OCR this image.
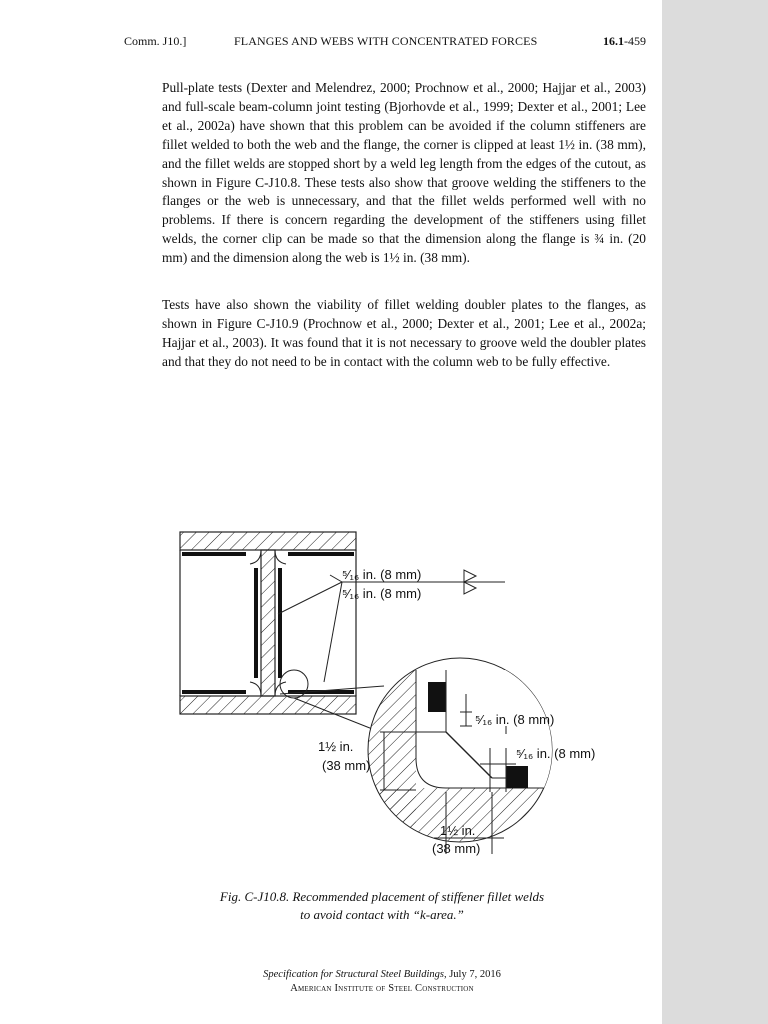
Comm. J10.]	FLANGES AND WEBS WITH CONCENTRATED FORCES	16.1-459

Pull-plate tests (Dexter and Melendrez, 2000; Prochnow et al., 2000; Hajjar et al., 2003) and full-scale beam-column joint testing (Bjorhovde et al., 1999; Dexter et al., 2001; Lee et al., 2002a) have shown that this problem can be avoided if the column stiffeners are fillet welded to both the web and the flange, the corner is clipped at least 1½ in. (38 mm), and the fillet welds are stopped short by a weld leg length from the edges of the cutout, as shown in Figure C-J10.8. These tests also show that groove welding the stiffeners to the flanges or the web is unnecessary, and that the fillet welds performed well with no problems. If there is concern regarding the development of the stiffeners using fillet welds, the corner clip can be made so that the dimension along the flange is ¾ in. (20 mm) and the dimension along the web is 1½ in. (38 mm).

Tests have also shown the viability of fillet welding doubler plates to the flanges, as shown in Figure C-J10.9 (Prochnow et al., 2000; Dexter et al., 2001; Lee et al., 2002a; Hajjar et al., 2003). It was found that it is not necessary to groove weld the doubler plates and that they do not need to be in contact with the column web to be fully effective.

⁵⁄₁₆ in. (8 mm)
⁵⁄₁₆ in. (8 mm)
⁵⁄₁₆ in. (8 mm)
⁵⁄₁₆ in. (8 mm)
1½ in.
(38 mm)
1½ in.
(38 mm)
Fig. C-J10.8. Recommended placement of stiffener fillet welds
to avoid contact with “k-area.”
Specification for Structural Steel Buildings, July 7, 2016
American Institute of Steel Construction
